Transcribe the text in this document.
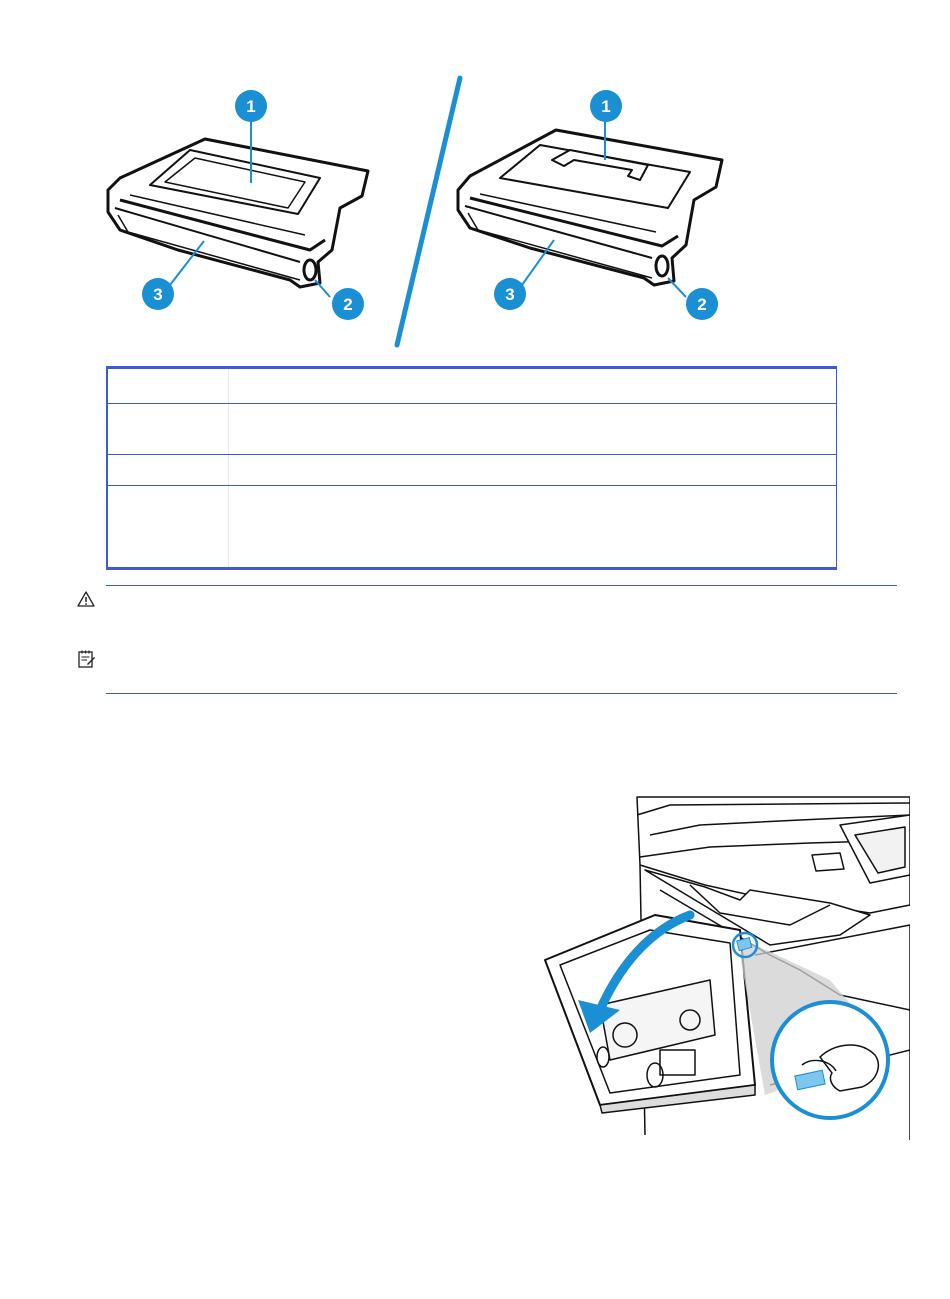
1
2
3
1
2
3
